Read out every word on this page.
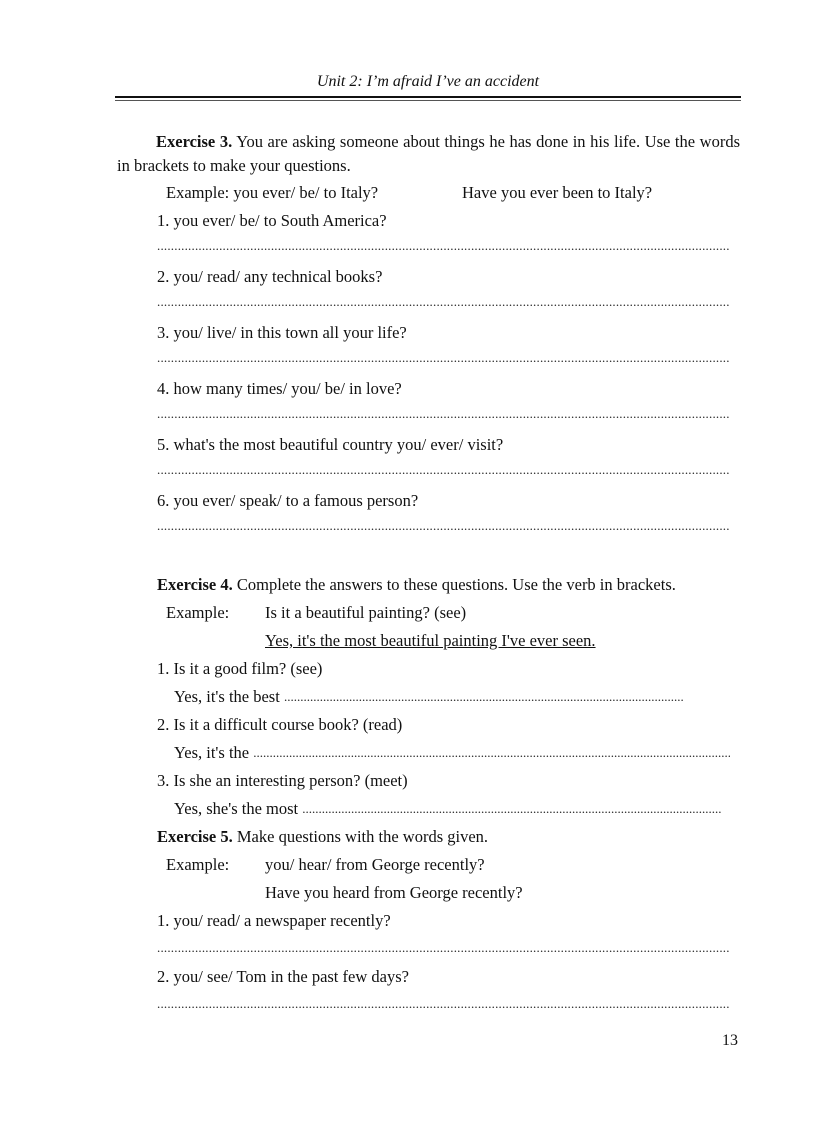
Unit 2: I’m afraid I’ve an accident
Exercise 3. You are asking someone about things he has done in his life. Use the words in brackets to make your questions.
Example: you ever/ be/ to Italy?	Have you ever been to Italy?
1. you ever/ be/ to South America?
.....
2. you/ read/ any technical books?
.....
3. you/ live/ in this town all your life?
.....
4. how many times/ you/ be/ in love?
.....
5. what's the most beautiful country you/ ever/ visit?
.....
6. you ever/ speak/ to a famous person?
.....
Exercise 4. Complete the answers to these questions. Use the verb in brackets.
Example: Is it a beautiful painting? (see)
Yes, it's the most beautiful painting I've ever seen.
1. Is it a good film? (see)
Yes, it's the best .....
2. Is it a difficult course book? (read)
Yes, it's the .....
3. Is she an interesting person? (meet)
Yes, she's the most .....
Exercise 5. Make questions with the words given.
Example: you/ hear/ from George recently?
Have you heard from George recently?
1. you/ read/ a newspaper recently?
.....
2. you/ see/ Tom in the past few days?
.....
13
